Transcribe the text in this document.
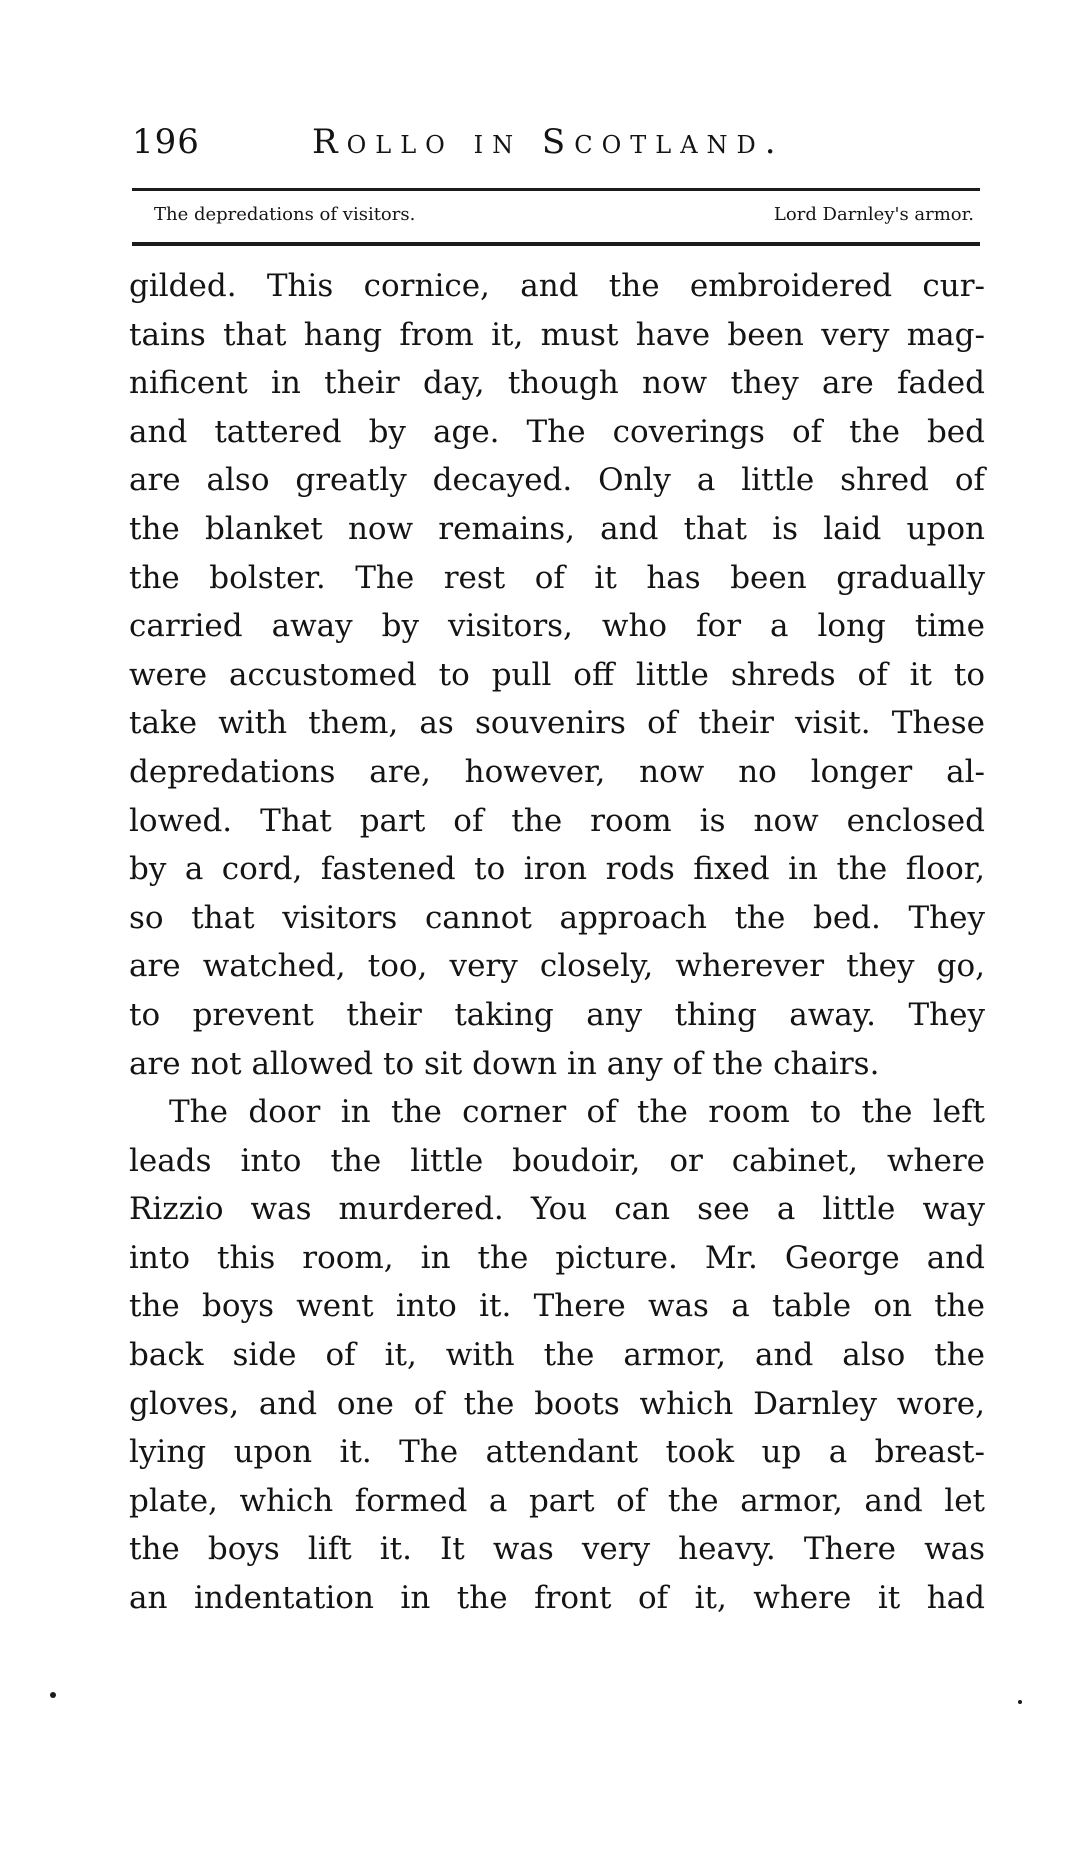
196	Rollo in Scotland.
The depredations of visitors.	Lord Darnley's armor.
gilded. This cornice, and the embroidered cur-
tains that hang from it, must have been very mag-
nificent in their day, though now they are faded
and tattered by age. The coverings of the bed
are also greatly decayed. Only a little shred of
the blanket now remains, and that is laid upon
the bolster. The rest of it has been gradually
carried away by visitors, who for a long time
were accustomed to pull off little shreds of it to
take with them, as souvenirs of their visit. These
depredations are, however, now no longer al-
lowed. That part of the room is now enclosed
by a cord, fastened to iron rods fixed in the floor,
so that visitors cannot approach the bed. They
are watched, too, very closely, wherever they go,
to prevent their taking any thing away. They
are not allowed to sit down in any of the chairs.
The door in the corner of the room to the left
leads into the little boudoir, or cabinet, where
Rizzio was murdered. You can see a little way
into this room, in the picture. Mr. George and
the boys went into it. There was a table on the
back side of it, with the armor, and also the
gloves, and one of the boots which Darnley wore,
lying upon it. The attendant took up a breast-
plate, which formed a part of the armor, and let
the boys lift it. It was very heavy. There was
an indentation in the front of it, where it had
